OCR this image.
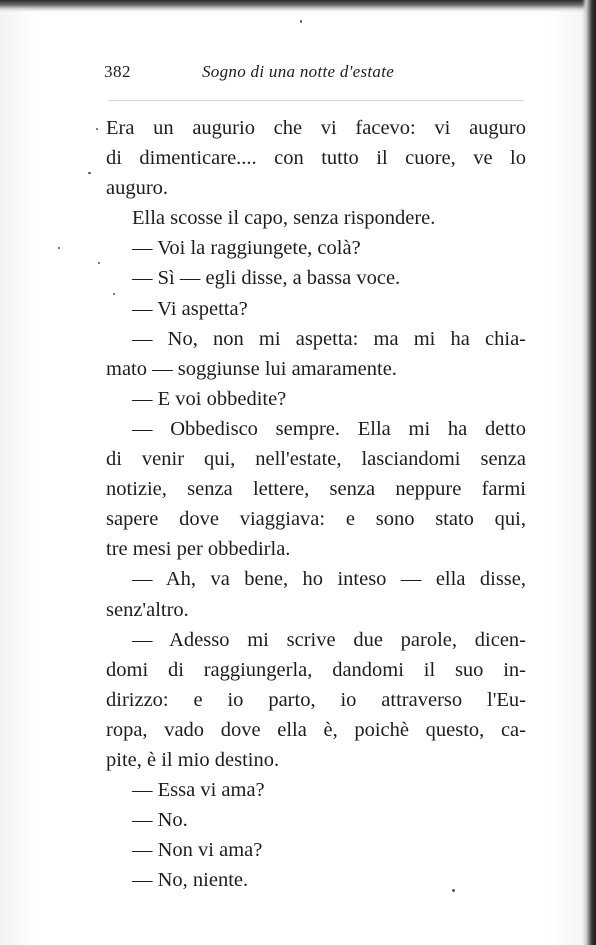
382	Sogno di una notte d'estate
Era un augurio che vi facevo: vi auguro
di dimenticare.... con tutto il cuore, ve lo
auguro.
Ella scosse il capo, senza rispondere.
— Voi la raggiungete, colà?
— Sì — egli disse, a bassa voce.
— Vi aspetta?
— No, non mi aspetta: ma mi ha chia-
mato — soggiunse lui amaramente.
— E voi obbedite?
— Obbedisco sempre. Ella mi ha detto
di venir qui, nell'estate, lasciandomi senza
notizie, senza lettere, senza neppure farmi
sapere dove viaggiava: e sono stato qui,
tre mesi per obbedirla.
— Ah, va bene, ho inteso — ella disse,
senz'altro.
— Adesso mi scrive due parole, dicen-
domi di raggiungerla, dandomi il suo in-
dirizzo: e io parto, io attraverso l'Eu-
ropa, vado dove ella è, poichè questo, ca-
pite, è il mio destino.
— Essa vi ama?
— No.
— Non vi ama?
— No, niente.
